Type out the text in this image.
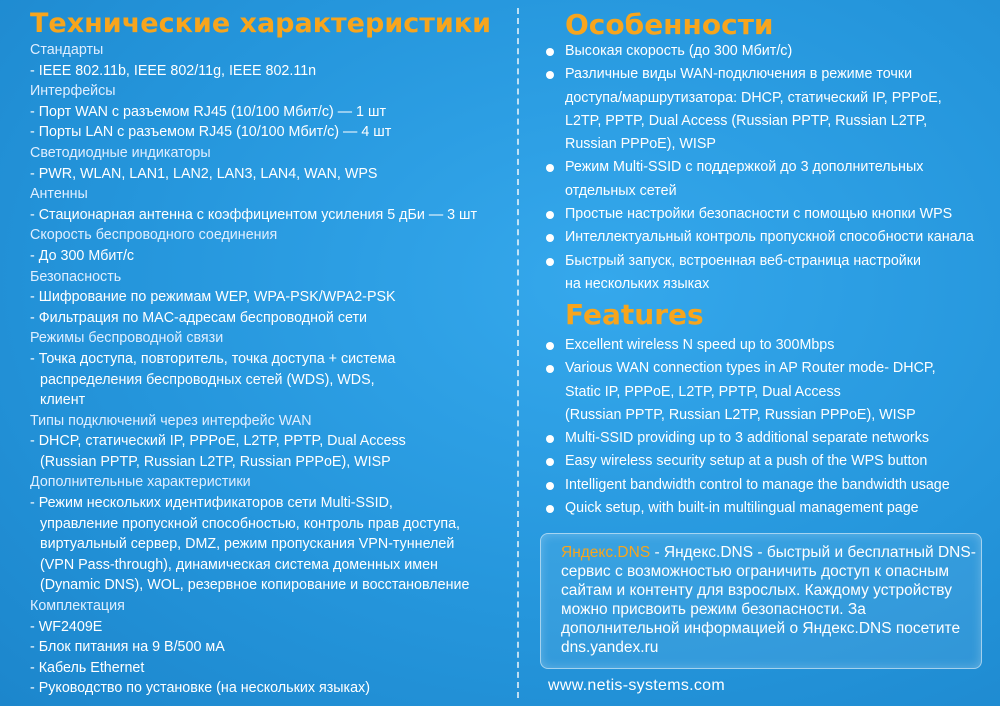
Технические характеристики
Стандарты
- IEEE 802.11b, IEEE 802/11g, IEEE 802.11n
Интерфейсы
- Порт WAN с разъемом RJ45 (10/100 Мбит/с) — 1 шт
- Порты LAN с разъемом RJ45 (10/100 Мбит/с) — 4 шт
Светодиодные индикаторы
- PWR, WLAN, LAN1, LAN2, LAN3, LAN4, WAN, WPS
Антенны
- Стационарная антенна с коэффициентом усиления 5 дБи — 3 шт
Скорость беспроводного соединения
- До 300 Мбит/с
Безопасность
- Шифрование по режимам WEP, WPA-PSK/WPA2-PSK
- Фильтрация по MAC-адресам беспроводной сети
Режимы беспроводной связи
- Точка доступа, повторитель, точка доступа + система
распределения беспроводных сетей (WDS), WDS,
клиент
Типы подключений через интерфейс WAN
- DHCP, статический IP, PPPoE, L2TP, PPTP, Dual Access
(Russian PPTP, Russian L2TP, Russian PPPoE), WISP
Дополнительные характеристики
- Режим нескольких идентификаторов сети Multi-SSID,
управление пропускной способностью, контроль прав доступа,
виртуальный сервер, DMZ, режим пропускания VPN-туннелей
(VPN Pass-through), динамическая система доменных имен
(Dynamic DNS), WOL, резервное копирование и восстановление
Комплектация
- WF2409E
- Блок питания на 9 В/500 мА
- Кабель Ethernet
- Руководство по установке (на нескольких языках)
Особенности
Высокая скорость (до 300 Мбит/с)
Различные виды WAN-подключения в режиме точки
доступа/маршрутизатора: DHCP, статический IP, PPPoE,
L2TP, PPTP, Dual Access (Russian PPTP, Russian L2TP,
Russian PPPoE), WISP
Режим Multi-SSID с поддержкой до 3 дополнительных
отдельных сетей
Простые настройки безопасности с помощью кнопки WPS
Интеллектуальный контроль пропускной способности канала
Быстрый запуск, встроенная веб-страница настройки
на нескольких языках
Features
Excellent wireless N speed up to 300Mbps
Various WAN connection types in AP Router mode- DHCP,
Static IP, PPPoE, L2TP, PPTP, Dual Access
(Russian PPTP, Russian L2TP, Russian PPPoE), WISP
Multi-SSID providing up to 3 additional separate networks
Easy wireless security setup at a push of the WPS button
Intelligent bandwidth control to manage the bandwidth usage
Quick setup, with built-in multilingual management page
Яндекс.DNS - Яндекс.DNS - быстрый и бесплатный DNS-сервис с возможностью ограничить доступ к опасным сайтам и контенту для взрослых. Каждому устройству можно присвоить режим безопасности. За дополнительной информацией о Яндекс.DNS посетите dns.yandex.ru
www.netis-systems.com
